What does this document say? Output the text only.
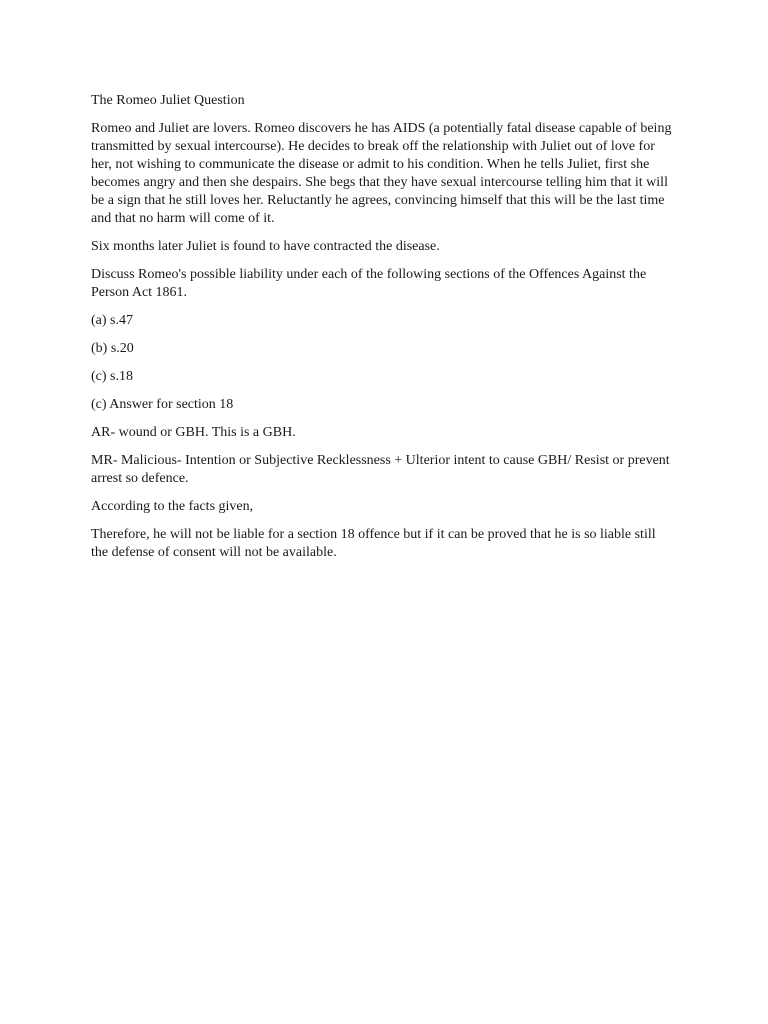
The Romeo Juliet Question

Romeo and Juliet are lovers. Romeo discovers he has AIDS (a potentially fatal disease capable of being transmitted by sexual intercourse). He decides to break off the relationship with Juliet out of love for her, not wishing to communicate the disease or admit to his condition. When he tells Juliet, first she becomes angry and then she despairs. She begs that they have sexual intercourse telling him that it will be a sign that he still loves her. Reluctantly he agrees, convincing himself that this will be the last time and that no harm will come of it.

Six months later Juliet is found to have contracted the disease.

Discuss Romeo's possible liability under each of the following sections of the Offences Against the Person Act 1861.

(a) s.47

(b) s.20

(c) s.18

(c) Answer for section 18

AR- wound or GBH. This is a GBH.

MR- Malicious- Intention or Subjective Recklessness + Ulterior intent to cause GBH/ Resist or prevent arrest so defence.

According to the facts given,

Therefore, he will not be liable for a section 18 offence but if it can be proved that he is so liable still the defense of consent will not be available.
